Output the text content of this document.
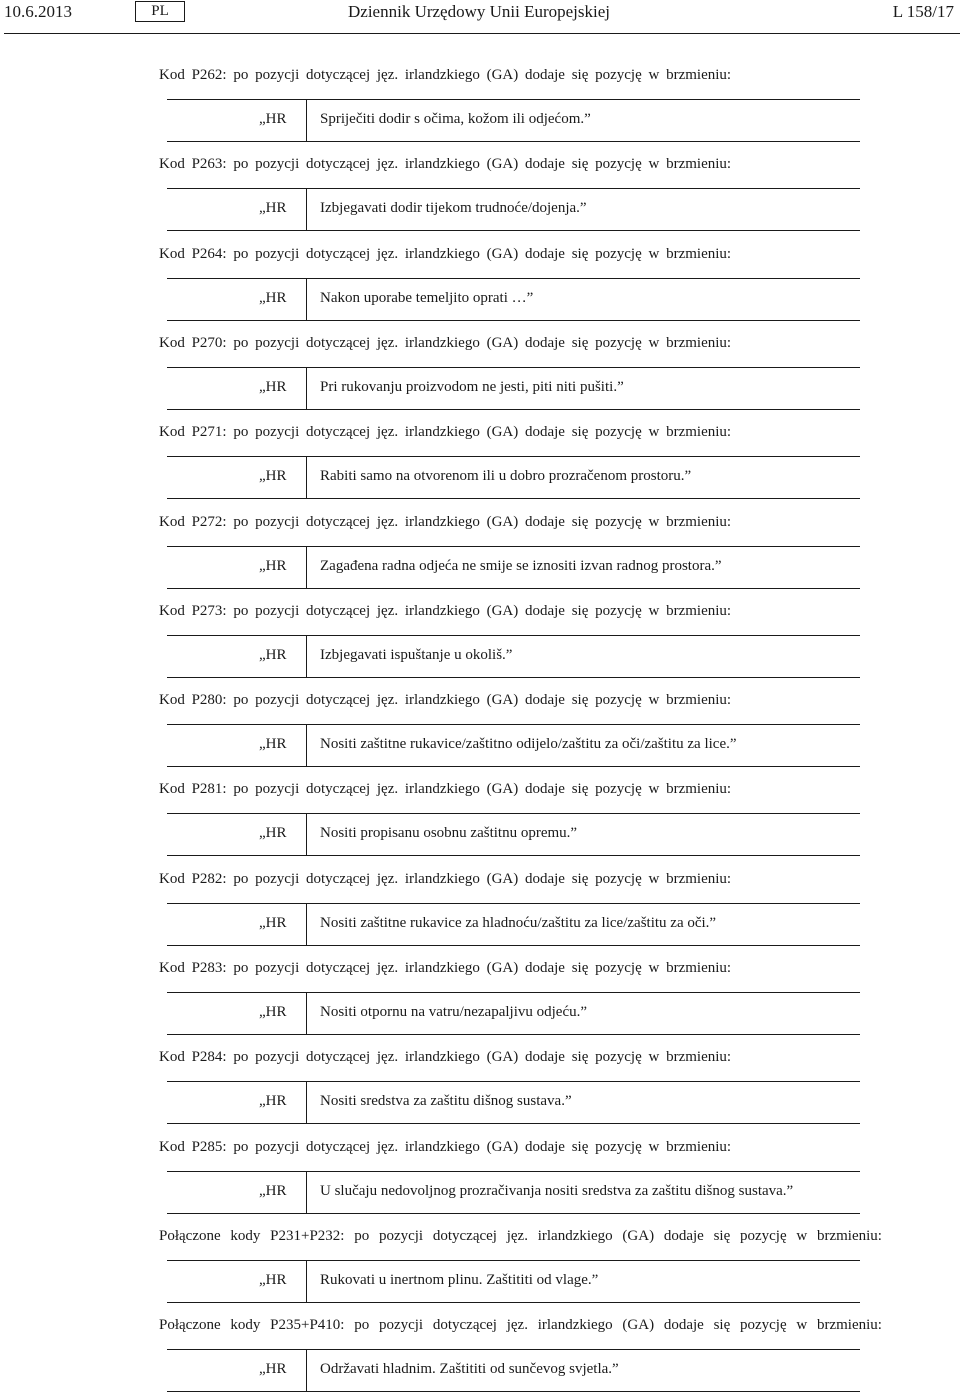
10.6.2013	PL	Dziennik Urzędowy Unii Europejskiej	L 158/17
Kod P262: po pozycji dotyczącej jęz. irlandzkiego (GA) dodaje się pozycję w brzmieniu:
„HR Spriječiti dodir s očima, kožom ili odjećom.”
Kod P263: po pozycji dotyczącej jęz. irlandzkiego (GA) dodaje się pozycję w brzmieniu:
„HR Izbjegavati dodir tijekom trudnoće/dojenja.”
Kod P264: po pozycji dotyczącej jęz. irlandzkiego (GA) dodaje się pozycję w brzmieniu:
„HR Nakon uporabe temeljito oprati …”
Kod P270: po pozycji dotyczącej jęz. irlandzkiego (GA) dodaje się pozycję w brzmieniu:
„HR Pri rukovanju proizvodom ne jesti, piti niti pušiti.”
Kod P271: po pozycji dotyczącej jęz. irlandzkiego (GA) dodaje się pozycję w brzmieniu:
„HR Rabiti samo na otvorenom ili u dobro prozračenom prostoru.”
Kod P272: po pozycji dotyczącej jęz. irlandzkiego (GA) dodaje się pozycję w brzmieniu:
„HR Zagađena radna odjeća ne smije se iznositi izvan radnog prostora.”
Kod P273: po pozycji dotyczącej jęz. irlandzkiego (GA) dodaje się pozycję w brzmieniu:
„HR Izbjegavati ispuštanje u okoliš.”
Kod P280: po pozycji dotyczącej jęz. irlandzkiego (GA) dodaje się pozycję w brzmieniu:
„HR Nositi zaštitne rukavice/zaštitno odijelo/zaštitu za oči/zaštitu za lice.”
Kod P281: po pozycji dotyczącej jęz. irlandzkiego (GA) dodaje się pozycję w brzmieniu:
„HR Nositi propisanu osobnu zaštitnu opremu.”
Kod P282: po pozycji dotyczącej jęz. irlandzkiego (GA) dodaje się pozycję w brzmieniu:
„HR Nositi zaštitne rukavice za hladnoću/zaštitu za lice/zaštitu za oči.”
Kod P283: po pozycji dotyczącej jęz. irlandzkiego (GA) dodaje się pozycję w brzmieniu:
„HR Nositi otpornu na vatru/nezapaljivu odjeću.”
Kod P284: po pozycji dotyczącej jęz. irlandzkiego (GA) dodaje się pozycję w brzmieniu:
„HR Nositi sredstva za zaštitu dišnog sustava.”
Kod P285: po pozycji dotyczącej jęz. irlandzkiego (GA) dodaje się pozycję w brzmieniu:
„HR U slučaju nedovoljnog prozračivanja nositi sredstva za zaštitu dišnog sustava.”
Połączone kody P231+P232: po pozycji dotyczącej jęz. irlandzkiego (GA) dodaje się pozycję w brzmieniu:
„HR Rukovati u inertnom plinu. Zaštititi od vlage.”
Połączone kody P235+P410: po pozycji dotyczącej jęz. irlandzkiego (GA) dodaje się pozycję w brzmieniu:
„HR Održavati hladnim. Zaštititi od sunčevog svjetla.”
